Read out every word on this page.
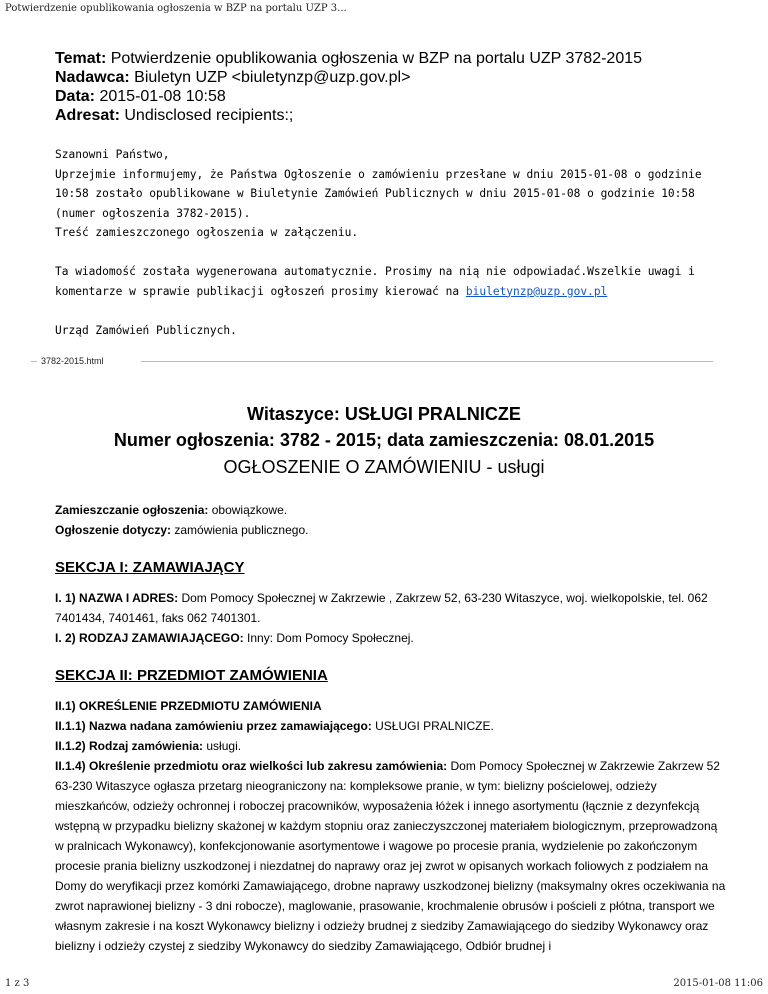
Potwierdzenie opublikowania ogłoszenia w BZP na portalu UZP 3...
Temat: Potwierdzenie opublikowania ogłoszenia w BZP na portalu UZP 3782-2015
Nadawca: Biuletyn UZP <biuletynzp@uzp.gov.pl>
Data: 2015-01-08 10:58
Adresat: Undisclosed recipients:;

Szanowni Państwo,

Uprzejmie informujemy, że Państwa Ogłoszenie o zamówieniu przesłane w dniu 2015-01-08 o godzinie 10:58 zostało opublikowane w Biuletynie Zamówień Publicznych w dniu 2015-01-08 o godzinie 10:58 (numer ogłoszenia 3782-2015).

Treść zamieszczonego ogłoszenia w załączeniu.

Ta wiadomość została wygenerowana automatycznie. Prosimy na nią nie odpowiadać.Wszelkie uwagi i komentarze w sprawie publikacji ogłoszeń prosimy kierować na biuletynzp@uzp.gov.pl

Urząd Zamówień Publicznych.

3782-2015.html
Witaszyce: USŁUGI PRALNICZE
Numer ogłoszenia: 3782 - 2015; data zamieszczenia: 08.01.2015
OGŁOSZENIE O ZAMÓWIENIU - usługi

Zamieszczanie ogłoszenia: obowiązkowe.

Ogłoszenie dotyczy: zamówienia publicznego.

SEKCJA I: ZAMAWIAJĄCY

I. 1) NAZWA I ADRES: Dom Pomocy Społecznej w Zakrzewie , Zakrzew 52, 63-230 Witaszyce, woj. wielkopolskie, tel. 062 7401434, 7401461, faks 062 7401301.

I. 2) RODZAJ ZAMAWIAJĄCEGO: Inny: Dom Pomocy Społecznej.

SEKCJA II: PRZEDMIOT ZAMÓWIENIA

II.1) OKREŚLENIE PRZEDMIOTU ZAMÓWIENIA

II.1.1) Nazwa nadana zamówieniu przez zamawiającego: USŁUGI PRALNICZE.

II.1.2) Rodzaj zamówienia: usługi.

II.1.4) Określenie przedmiotu oraz wielkości lub zakresu zamówienia: Dom Pomocy Społecznej w Zakrzewie Zakrzew 52 63-230 Witaszyce ogłasza przetarg nieograniczony na: kompleksowe pranie, w tym: bielizny pościelowej, odzieży mieszkańców, odzieży ochronnej i roboczej pracowników, wyposażenia łóżek i innego asortymentu (łącznie z dezynfekcją wstępną w przypadku bielizny skażonej w każdym stopniu oraz zanieczyszczonej materiałem biologicznym, przeprowadzoną w pralnicach Wykonawcy), konfekcjonowanie asortymentowe i wagowe po procesie prania, wydzielenie po zakończonym procesie prania bielizny uszkodzonej i niezdatnej do naprawy oraz jej zwrot w opisanych workach foliowych z podziałem na Domy do weryfikacji przez komórki Zamawiającego, drobne naprawy uszkodzonej bielizny (maksymalny okres oczekiwania na zwrot naprawionej bielizny - 3 dni robocze), maglowanie, prasowanie, krochmalenie obrusów i pościeli z płótna, transport we własnym zakresie i na koszt Wykonawcy bielizny i odzieży brudnej z siedziby Zamawiającego do siedziby Wykonawcy oraz bielizny i odzieży czystej z siedziby Wykonawcy do siedziby Zamawiającego, Odbiór brudnej i

1 z 3	2015-01-08 11:06
